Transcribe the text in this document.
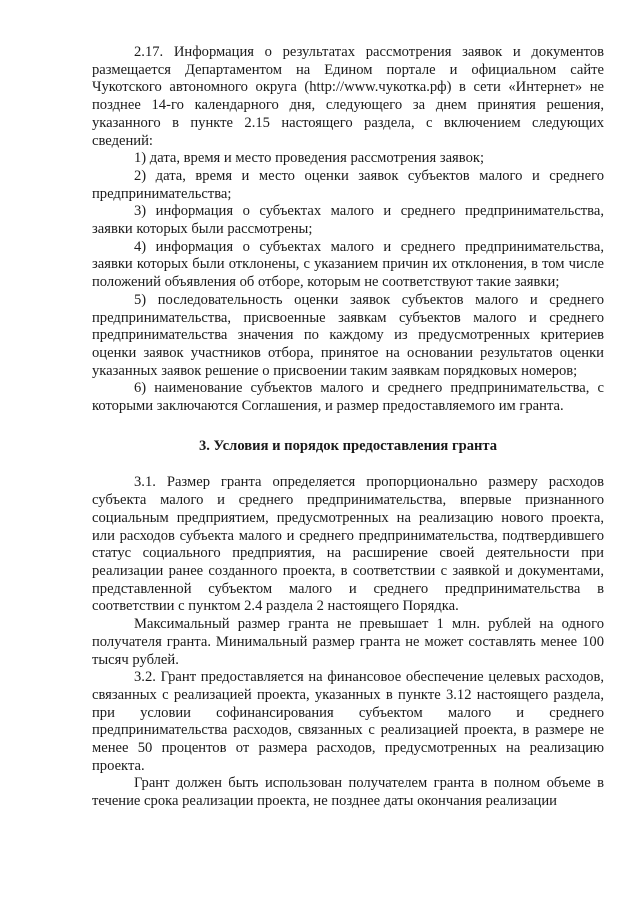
2.17. Информация о результатах рассмотрения заявок и документов размещается Департаментом на Едином портале и официальном сайте Чукотского автономного округа (http://www.чукотка.рф) в сети «Интернет» не позднее 14-го календарного дня, следующего за днем принятия решения, указанного в пункте 2.15 настоящего раздела, с включением следующих сведений:

1) дата, время и место проведения рассмотрения заявок;

2) дата, время и место оценки заявок субъектов малого и среднего предпринимательства;

3) информация о субъектах малого и среднего предпринимательства, заявки которых были рассмотрены;

4) информация о субъектах малого и среднего предпринимательства, заявки которых были отклонены, с указанием причин их отклонения, в том числе положений объявления об отборе, которым не соответствуют такие заявки;

5) последовательность оценки заявок субъектов малого и среднего предпринимательства, присвоенные заявкам субъектов малого и среднего предпринимательства значения по каждому из предусмотренных критериев оценки заявок участников отбора, принятое на основании результатов оценки указанных заявок решение о присвоении таким заявкам порядковых номеров;

6) наименование субъектов малого и среднего предпринимательства, с которыми заключаются Соглашения, и размер предоставляемого им гранта.

3. Условия и порядок предоставления гранта

3.1. Размер гранта определяется пропорционально размеру расходов субъекта малого и среднего предпринимательства, впервые признанного социальным предприятием, предусмотренных на реализацию нового проекта, или расходов субъекта малого и среднего предпринимательства, подтвердившего статус социального предприятия, на расширение своей деятельности при реализации ранее созданного проекта, в соответствии с заявкой и документами, представленной субъектом малого и среднего предпринимательства в соответствии с пунктом 2.4 раздела 2 настоящего Порядка.

Максимальный размер гранта не превышает 1 млн. рублей на одного получателя гранта. Минимальный размер гранта не может составлять менее 100 тысяч рублей.

3.2. Грант предоставляется на финансовое обеспечение целевых расходов, связанных с реализацией проекта, указанных в пункте 3.12 настоящего раздела, при условии софинансирования субъектом малого и среднего предпринимательства расходов, связанных с реализацией проекта, в размере не менее 50 процентов от размера расходов, предусмотренных на реализацию проекта.

Грант должен быть использован получателем гранта в полном объеме в течение срока реализации проекта, не позднее даты окончания реализации
